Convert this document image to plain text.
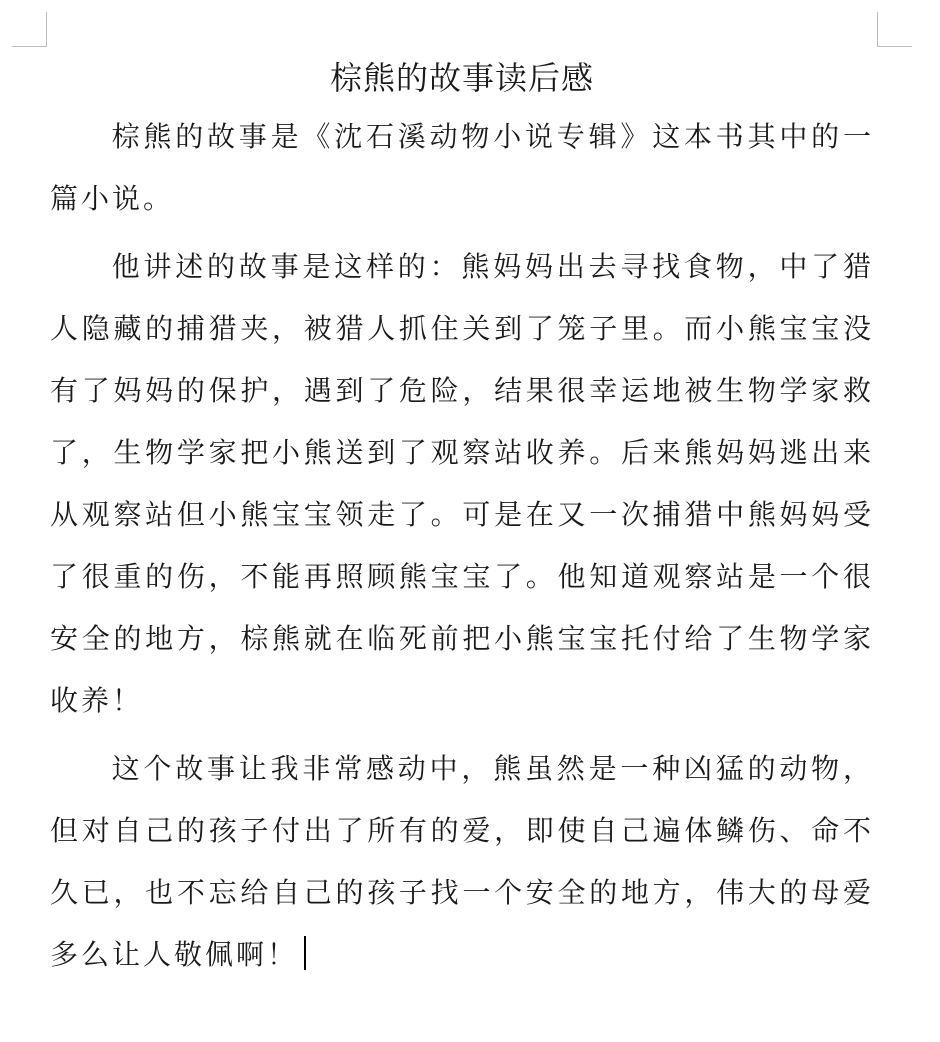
棕熊的故事读后感

棕熊的故事是《沈石溪动物小说专辑》这本书其中的一篇小说。

他讲述的故事是这样的：熊妈妈出去寻找食物，中了猎人隐藏的捕猎夹，被猎人抓住关到了笼子里。而小熊宝宝没有了妈妈的保护，遇到了危险，结果很幸运地被生物学家救了，生物学家把小熊送到了观察站收养。后来熊妈妈逃出来从观察站但小熊宝宝领走了。可是在又一次捕猎中熊妈妈受了很重的伤，不能再照顾熊宝宝了。他知道观察站是一个很安全的地方，棕熊就在临死前把小熊宝宝托付给了生物学家收养！

这个故事让我非常感动中，熊虽然是一种凶猛的动物，但对自己的孩子付出了所有的爱，即使自己遍体鳞伤、命不久已，也不忘给自己的孩子找一个安全的地方，伟大的母爱多么让人敬佩啊！
